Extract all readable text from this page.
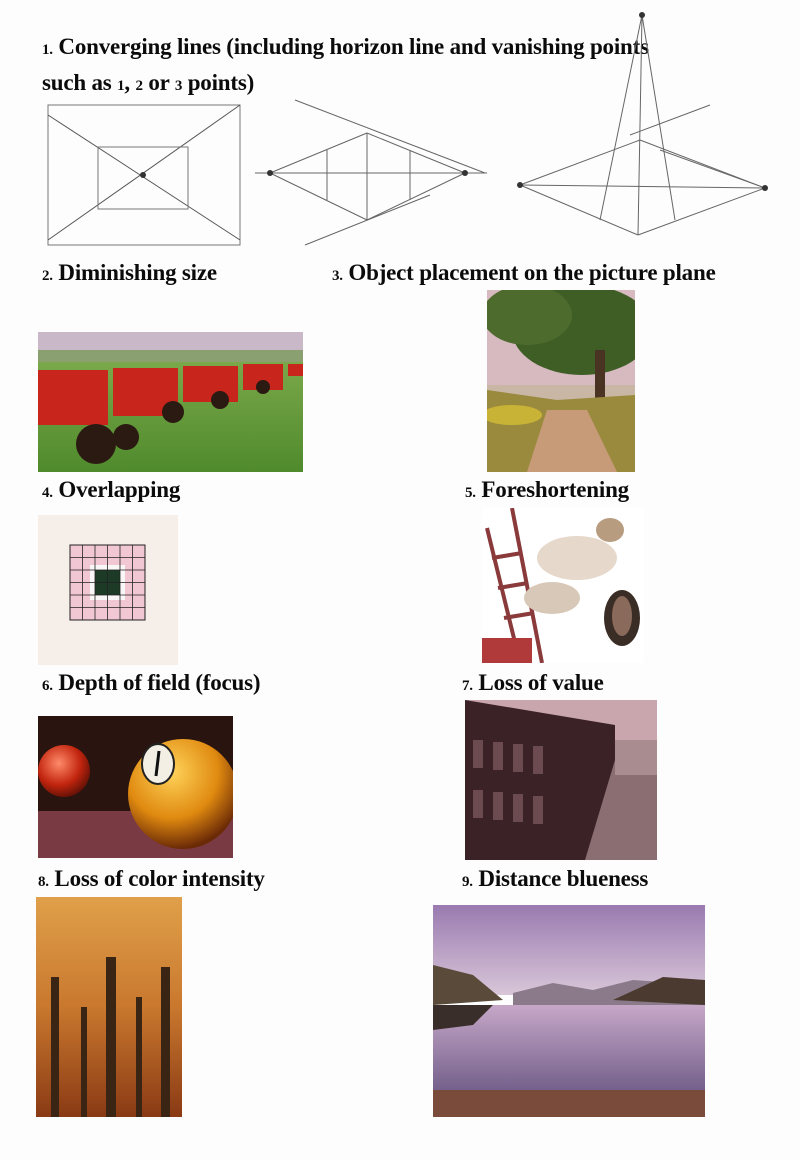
1. Converging lines (including horizon line and vanishing points
such as 1, 2 or 3 points)
2. Diminishing size	3. Object placement on the picture plane
4. Overlapping	5. Foreshortening
6. Depth of field (focus)	7. Loss of value
8. Loss of color intensity	9. Distance blueness
